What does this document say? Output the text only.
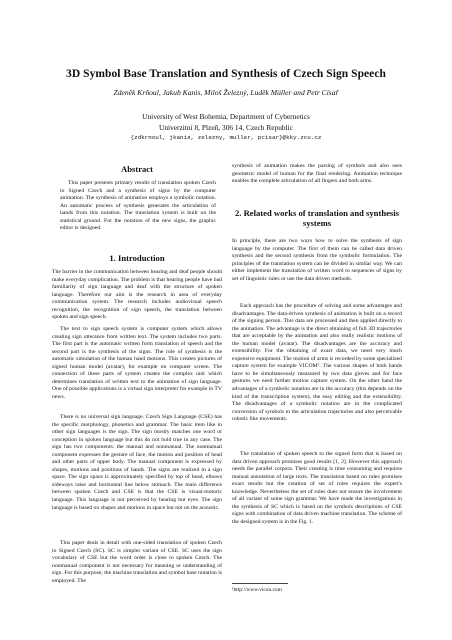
3D Symbol Base Translation and Synthesis of Czech Sign Speech
Zdeněk Krňoul, Jakub Kanis, Miloš Železný, Luděk Müller and Petr Císař
University of West Bohemia, Department of Cybernetics
Univerzitní 8, Plzeň, 306 14, Czech Republic
{zdkrnoul, jkanis, zelezny, muller, pcisar}@kky.zcu.cz
Abstract

This paper presents primary results of translation spoken Czech to Signed Czech and a synthesis of signs by the computer animation. The synthesis of animation employs a symbolic notation. An automatic process of synthesis generates the articulation of hands from this notation. The translation system is built on the statistical ground. For the notation of the new signs, the graphic editor is designed.

1. Introduction

The barrier in the communication between hearing and deaf people should make everyday complication. The problem is that hearing people have bad familiarity of sign language and deaf with the structure of spoken language. Therefore our aim is the research in area of everyday communication system. The research includes audiovisual speech recognition, the recognition of sign speech, the translation between spoken and sign speech.

The text to sign speech system is computer system which allows creating sign utterance from written text. The system includes two parts. The first part is the automatic written form translation of speech and the second part is the synthesis of the signs. The role of synthesis is the automatic simulation of the human hand motions. This creates pictures of signed human model (avatar), for example on computer screen. The connection of these parts of system creates the complex unit which determines translation of written text to the animation of sign language. One of possible applications is a virtual sign interpreter for example in TV news.

There is no universal sign language. Czech Sign Language (CSE) has the specific morphology, phonetics and grammar. The basic item like in other sign languages is the sign. The sign mostly matches one word or conception in spoken language but this do not hold true in any case. The sign has two components: the manual and nonmanual. The nonmanual component expresses the gesture of face, the motion and position of head and other parts of upper body. The manual component is expressed by shapes, motions and positions of hands. The signs are realized in a sign space. The sign space is approximately specified by top of head, elbows sideways raise and horizontal line below stomach. The main difference between spoken Czech and CSE is that the CSE is visual-motoric language. This language is not perceived by hearing but eyes. The sign language is based on shapes and motions in space but not on the acoustic.

This paper deals in detail with one-sided translation of spoken Czech to Signed Czech (SC). SC is simpler variant of CSE. SC uses the sign vocabulary of CSE but the word order is close to spoken Czech. The nonmanual component is not necessary for meaning or understanding of sign. For this purpose, the machine translation and symbol base notation is employed. The

synthesis of animation makes the parsing of symbols and also uses geometric model of human for the final rendering. Animation technique enables the complete articulation of all fingers and both arms.

2. Related works of translation and synthesis systems

In principle, there are two ways how to solve the synthesis of sign language by the computer. The first of them can be called data driven synthesis and the second synthesis from the symbolic formulation. The principles of the translation system can be divided in similar way. We can either implement the translation of written word to sequences of signs by set of linguistic rules or use the data driven methods.

Each approach has the procedure of solving and some advantages and disadvantages. The data-driven synthesis of animation is built on a record of the signing person. This data are processed and then applied directly to the animation. The advantage is the direct obtaining of full 3D trajectories that are acceptable by the animation and also really realistic motions of the human model (avatar). The disadvantages are the accuracy and extensibility. For the obtaining of exact data, we need very much expensive equipment. The motion of arms is recorded by some specialized capture system for example VICOM¹. The various shapes of both hands have to be simultaneously measured by two data gloves and for face gestures we need further motion capture system. On the other hand the advantages of a symbolic notation are in the accuracy (this depends on the kind of the transcription system), the easy editing and the extensibility. The disadvantages of a symbolic notation are in the complicated conversion of symbols to the articulation trajectories and also perceivable robotic like movements.

The translation of spoken speech to the signed form that is based on data driven approach promises good results [1, 2]. However this approach needs the parallel corpora. Their creating is time consuming and requires manual annotation of large texts. The translation based on rules promises exact results but the creation of set of rules requires the expert's knowledge. Nevertheless the set of rules does not ensure the involvement of all variant of some sign grammar. We have made the investigations in the synthesis of SC which is based on the symbols descriptions of CSE signs with combination of data driven machine translation. The scheme of the designed system is in the Fig. 1.

¹http://www.vicon.com
